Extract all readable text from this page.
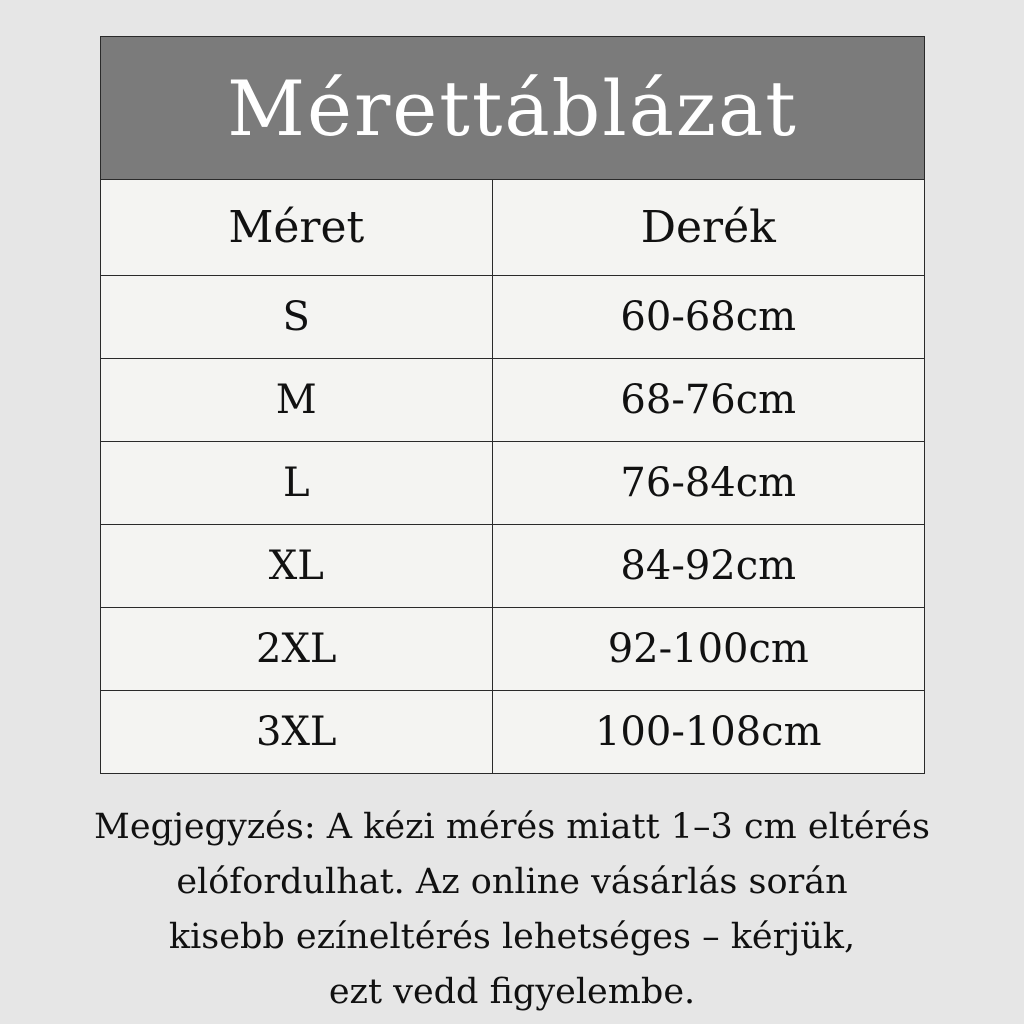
Mérettáblázat
Méret	Derék
S	60-68cm
M	68-76cm
L	76-84cm
XL	84-92cm
2XL	92-100cm
3XL	100-108cm
Megjegyzés: A kézi mérés miatt 1–3 cm eltérés
elófordulhat. Az online vásárlás során
kisebb ezíneltérés lehetséges – kérjük,
ezt vedd figyelembe.
